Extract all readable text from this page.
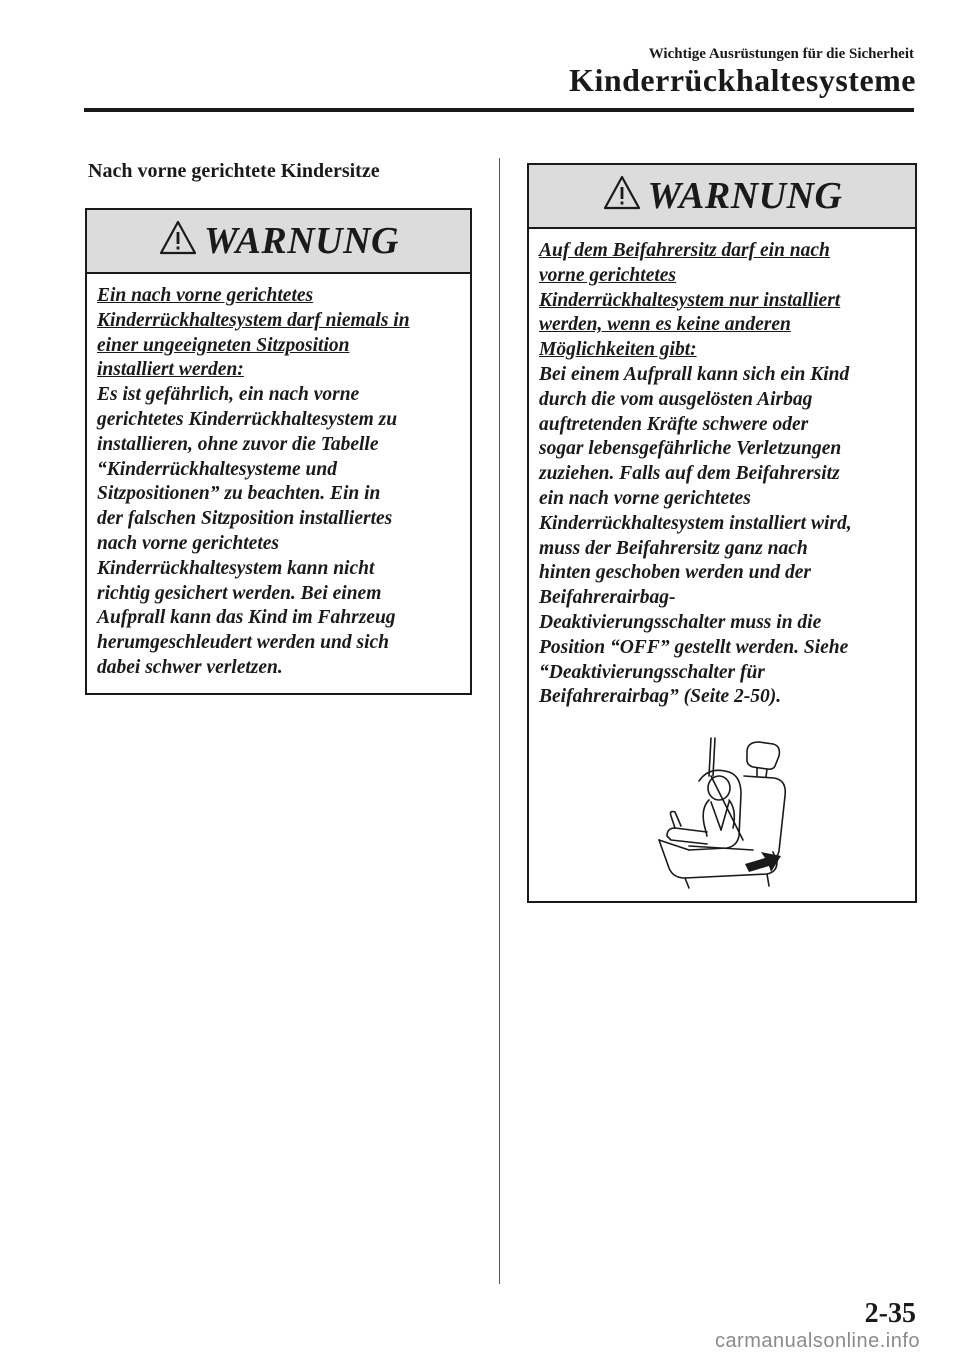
Wichtige Ausrüstungen für die Sicherheit
Kinderrückhaltesysteme
Nach vorne gerichtete Kindersitze
WARNUNG
Ein nach vorne gerichtetes
Kinderrückhaltesystem darf niemals in
einer ungeeigneten Sitzposition
installiert werden:
Es ist gefährlich, ein nach vorne
gerichtetes Kinderrückhaltesystem zu
installieren, ohne zuvor die Tabelle
“Kinderrückhaltesysteme und
Sitzpositionen” zu beachten. Ein in
der falschen Sitzposition installiertes
nach vorne gerichtetes
Kinderrückhaltesystem kann nicht
richtig gesichert werden. Bei einem
Aufprall kann das Kind im Fahrzeug
herumgeschleudert werden und sich
dabei schwer verletzen.
WARNUNG
Auf dem Beifahrersitz darf ein nach
vorne gerichtetes
Kinderrückhaltesystem nur installiert
werden, wenn es keine anderen
Möglichkeiten gibt:
Bei einem Aufprall kann sich ein Kind
durch die vom ausgelösten Airbag
auftretenden Kräfte schwere oder
sogar lebensgefährliche Verletzungen
zuziehen. Falls auf dem Beifahrersitz
ein nach vorne gerichtetes
Kinderrückhaltesystem installiert wird,
muss der Beifahrersitz ganz nach
hinten geschoben werden und der
Beifahrerairbag-
Deaktivierungsschalter muss in die
Position “OFF” gestellt werden. Siehe
“Deaktivierungsschalter für
Beifahrerairbag” (Seite 2-50).
2-35
carmanualsonline.info
